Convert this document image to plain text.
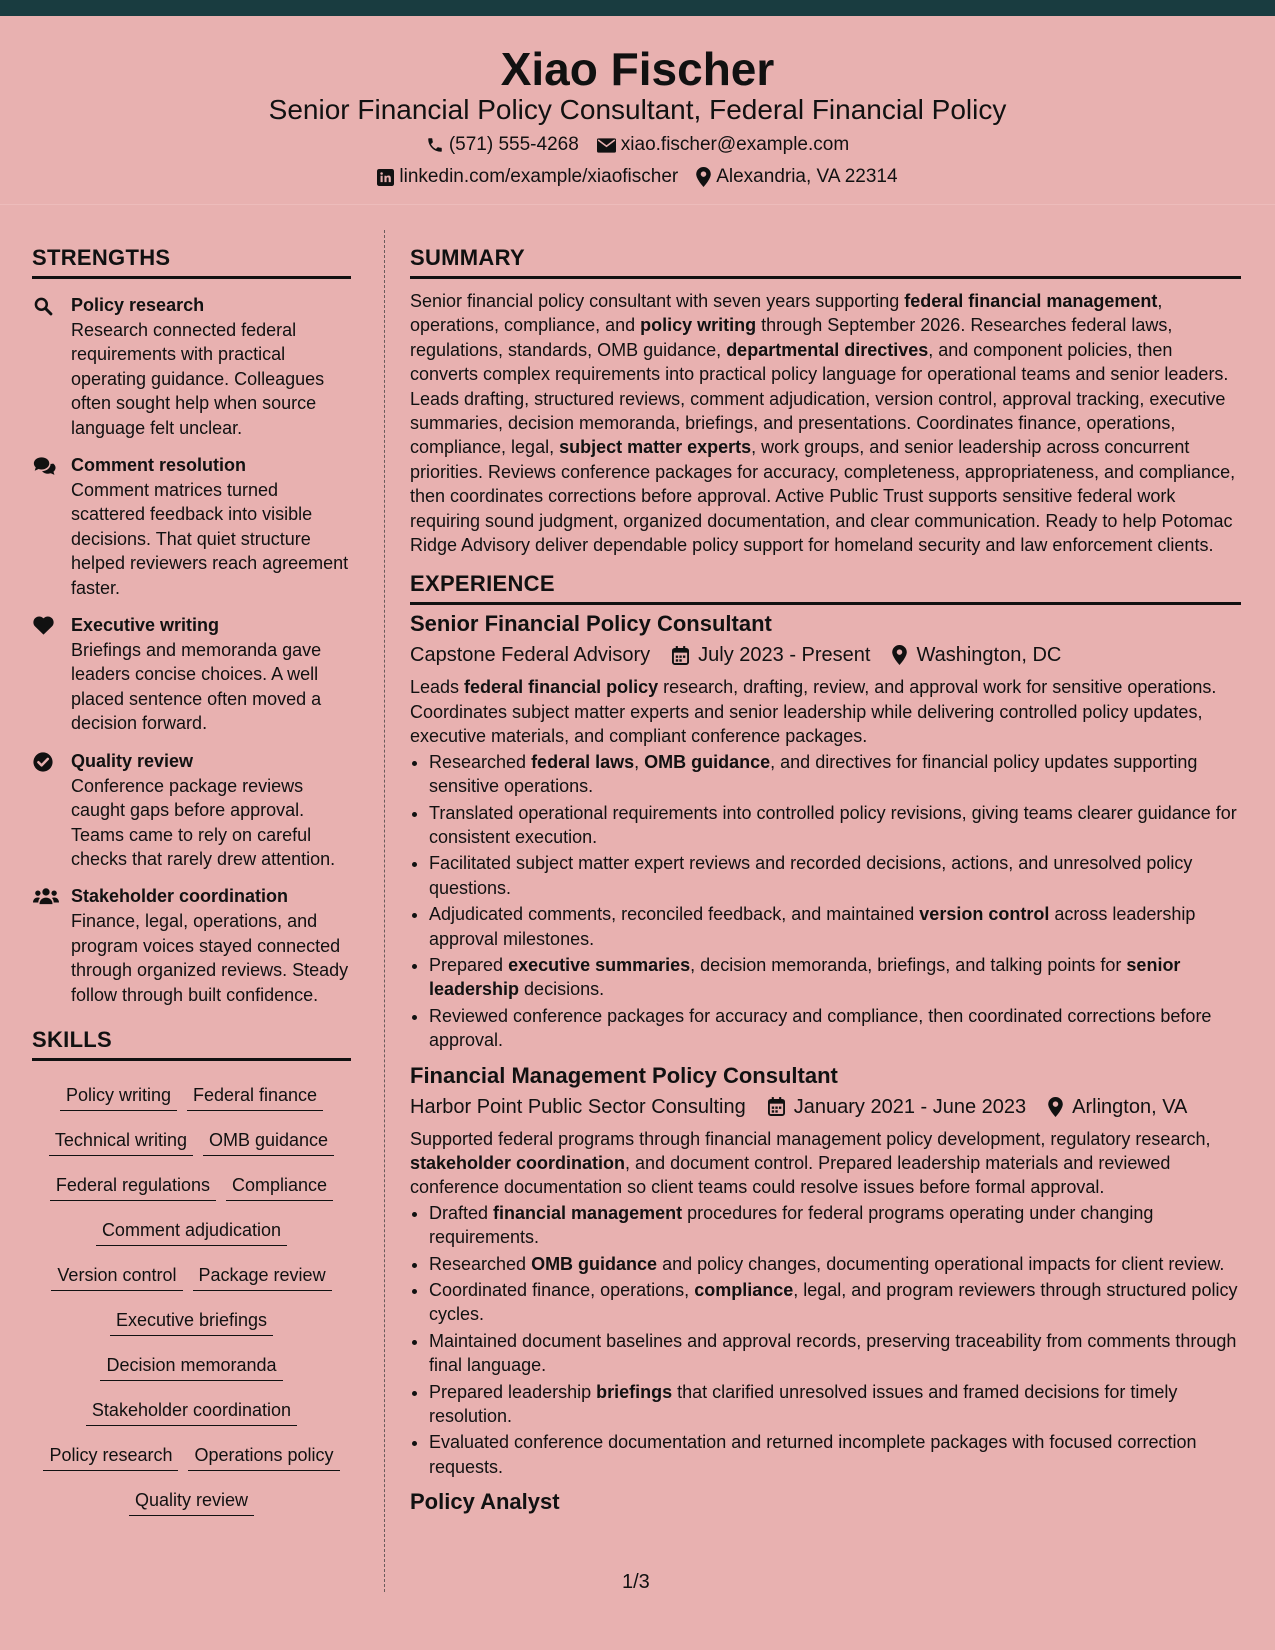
Xiao Fischer
Senior Financial Policy Consultant, Federal Financial Policy
(571) 555-4268 xiao.fischer@example.com
linkedin.com/example/xiaofischer Alexandria, VA 22314
STRENGTHS
Policy research
Research connected federal requirements with practical operating guidance. Colleagues often sought help when source language felt unclear.
Comment resolution
Comment matrices turned scattered feedback into visible decisions. That quiet structure helped reviewers reach agreement faster.
Executive writing
Briefings and memoranda gave leaders concise choices. A well placed sentence often moved a decision forward.
Quality review
Conference package reviews caught gaps before approval. Teams came to rely on careful checks that rarely drew attention.
Stakeholder coordination
Finance, legal, operations, and program voices stayed connected through organized reviews. Steady follow through built confidence.
SKILLS
Policy writing Federal finance
Technical writing OMB guidance
Federal regulations Compliance
Comment adjudication
Version control Package review
Executive briefings
Decision memoranda
Stakeholder coordination
Policy research Operations policy
Quality review
SUMMARY
Senior financial policy consultant with seven years supporting federal financial management, operations, compliance, and policy writing through September 2026. Researches federal laws, regulations, standards, OMB guidance, departmental directives, and component policies, then converts complex requirements into practical policy language for operational teams and senior leaders. Leads drafting, structured reviews, comment adjudication, version control, approval tracking, executive summaries, decision memoranda, briefings, and presentations. Coordinates finance, operations, compliance, legal, subject matter experts, work groups, and senior leadership across concurrent priorities. Reviews conference packages for accuracy, completeness, appropriateness, and compliance, then coordinates corrections before approval. Active Public Trust supports sensitive federal work requiring sound judgment, organized documentation, and clear communication. Ready to help Potomac Ridge Advisory deliver dependable policy support for homeland security and law enforcement clients.
EXPERIENCE
Senior Financial Policy Consultant
Capstone Federal Advisory July 2023 - Present Washington, DC
Leads federal financial policy research, drafting, review, and approval work for sensitive operations. Coordinates subject matter experts and senior leadership while delivering controlled policy updates, executive materials, and compliant conference packages.
• Researched federal laws, OMB guidance, and directives for financial policy updates supporting sensitive operations.
• Translated operational requirements into controlled policy revisions, giving teams clearer guidance for consistent execution.
• Facilitated subject matter expert reviews and recorded decisions, actions, and unresolved policy questions.
• Adjudicated comments, reconciled feedback, and maintained version control across leadership approval milestones.
• Prepared executive summaries, decision memoranda, briefings, and talking points for senior leadership decisions.
• Reviewed conference packages for accuracy and compliance, then coordinated corrections before approval.
Financial Management Policy Consultant
Harbor Point Public Sector Consulting January 2021 - June 2023 Arlington, VA
Supported federal programs through financial management policy development, regulatory research, stakeholder coordination, and document control. Prepared leadership materials and reviewed conference documentation so client teams could resolve issues before formal approval.
• Drafted financial management procedures for federal programs operating under changing requirements.
• Researched OMB guidance and policy changes, documenting operational impacts for client review.
• Coordinated finance, operations, compliance, legal, and program reviewers through structured policy cycles.
• Maintained document baselines and approval records, preserving traceability from comments through final language.
• Prepared leadership briefings that clarified unresolved issues and framed decisions for timely resolution.
• Evaluated conference documentation and returned incomplete packages with focused correction requests.
Policy Analyst
1/3
